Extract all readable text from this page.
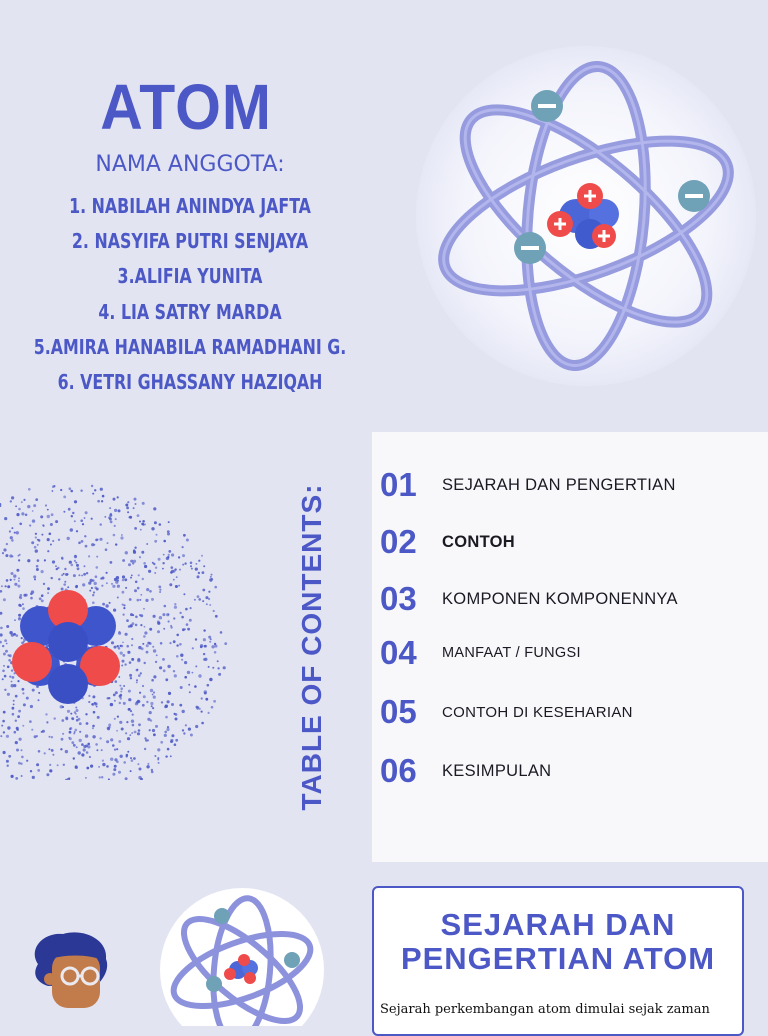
ATOM
NAMA ANGGOTA:
1. NABILAH ANINDYA JAFTA
2. NASYIFA PUTRI SENJAYA
3.ALIFIA YUNITA
4. LIA SATRY MARDA
5.AMIRA HANABILA RAMADHANI G.
6. VETRI GHASSANY HAZIQAH
TABLE OF CONTENTS: 01	SEJARAH DAN PENGERTIAN
02	CONTOH
03	KOMPONEN KOMPONENNYA
04	MANFAAT / FUNGSI
05	CONTOH DI KESEHARIAN
06	KESIMPULAN
SEJARAH DAN
PENGERTIAN ATOM
Sejarah perkembangan atom dimulai sejak zaman
